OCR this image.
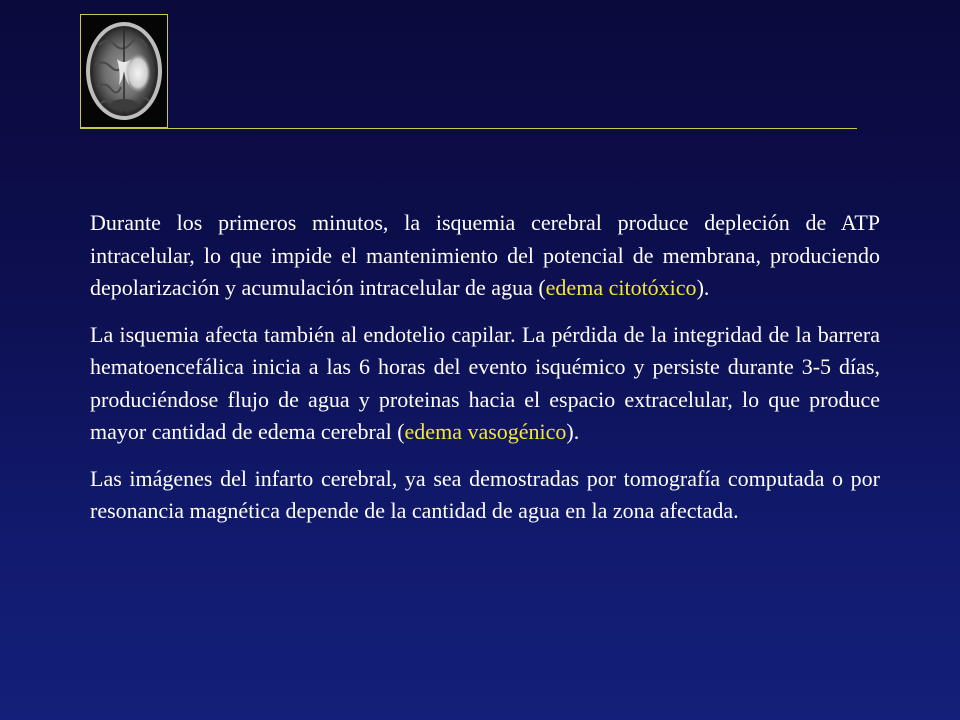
Durante los primeros minutos, la isquemia cerebral produce depleción de ATP intracelular, lo que impide el mantenimiento del potencial de membrana, produciendo depolarización y acumulación intracelular de agua (edema citotóxico).

La isquemia afecta también al endotelio capilar. La pérdida de la integridad de la barrera hematoencefálica inicia a las 6 horas del evento isquémico y persiste durante 3-5 días, produciéndose flujo de agua y proteinas hacia el espacio extracelular, lo que produce mayor cantidad de edema cerebral (edema vasogénico).

Las imágenes del infarto cerebral, ya sea demostradas por tomografía computada o por resonancia magnética depende de la cantidad de agua en la zona afectada.
